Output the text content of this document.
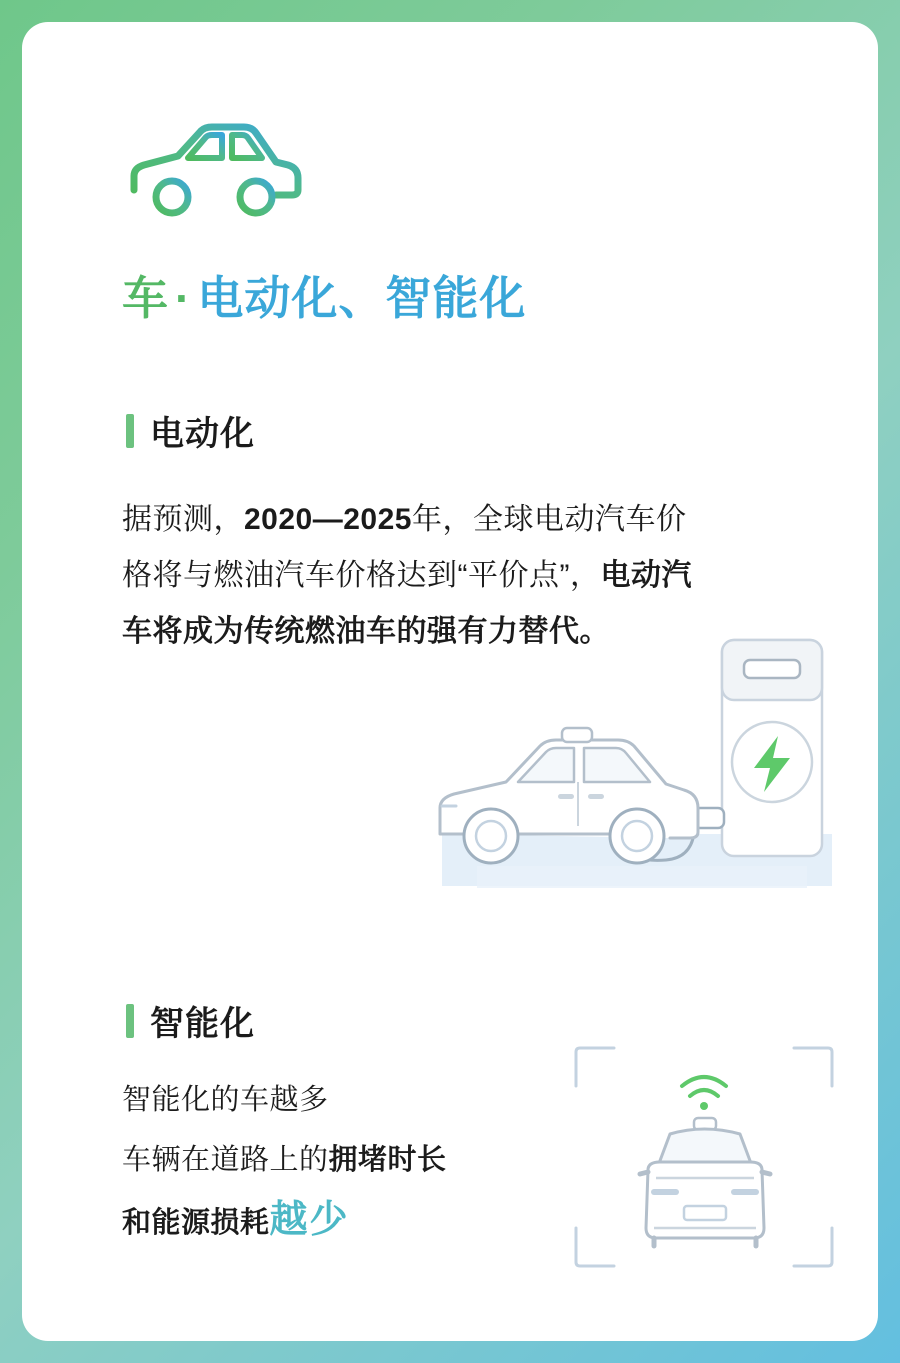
车 · 电动化、智能化
电动化
据预测，2020—2025年，全球电动汽车价格将与燃油汽车价格达到“平价点”，电动汽车将成为传统燃油车的强有力替代。
智能化
智能化的车越多
车辆在道路上的拥堵时长
和能源损耗越少
